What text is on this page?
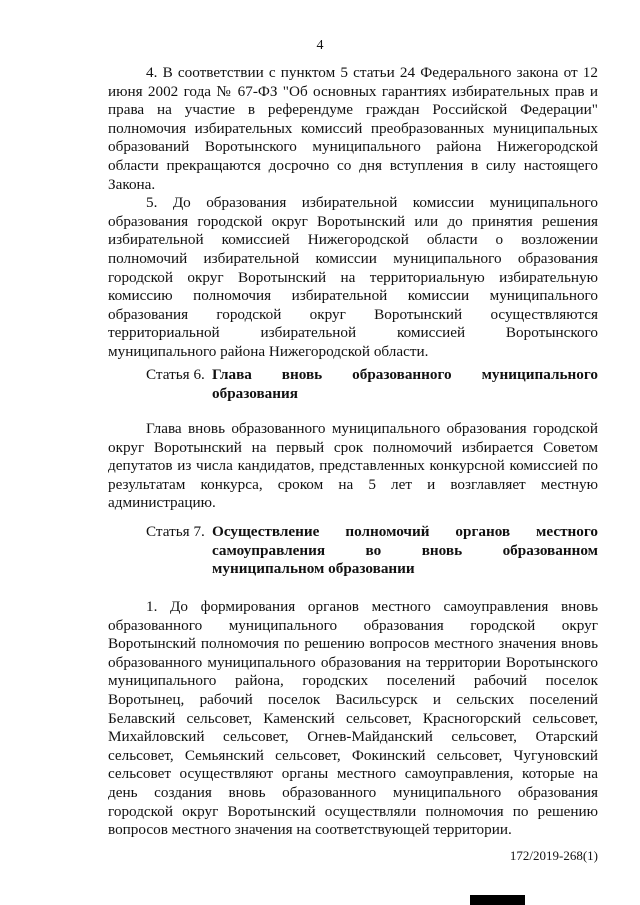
4

4. В соответствии с пунктом 5 статьи 24 Федерального закона от 12 июня 2002 года № 67-ФЗ "Об основных гарантиях избирательных прав и права на участие в референдуме граждан Российской Федерации" полномочия избирательных комиссий преобразованных муниципальных образований Воротынского муниципального района Нижегородской области прекращаются досрочно со дня вступления в силу настоящего Закона.

5. До образования избирательной комиссии муниципального образования городской округ Воротынский или до принятия решения избирательной комиссией Нижегородской области о возложении полномочий избирательной комиссии муниципального образования городской округ Воротынский на территориальную избирательную комиссию полномочия избирательной комиссии муниципального образования городской округ Воротынский осуществляются территориальной избирательной комиссией Воротынского муниципального района Нижегородской области.

Статья 6. Глава вновь образованного муниципального образования

Глава вновь образованного муниципального образования городской округ Воротынский на первый срок полномочий избирается Советом депутатов из числа кандидатов, представленных конкурсной комиссией по результатам конкурса, сроком на 5 лет и возглавляет местную администрацию.

Статья 7. Осуществление полномочий органов местного самоуправления во вновь образованном муниципальном образовании

1. До формирования органов местного самоуправления вновь образованного муниципального образования городской округ Воротынский полномочия по решению вопросов местного значения вновь образованного муниципального образования на территории Воротынского муниципального района, городских поселений рабочий поселок Воротынец, рабочий поселок Васильсурск и сельских поселений Белавский сельсовет, Каменский сельсовет, Красногорский сельсовет, Михайловский сельсовет, Огнев-Майданский сельсовет, Отарский сельсовет, Семьянский сельсовет, Фокинский сельсовет, Чугуновский сельсовет осуществляют органы местного самоуправления, которые на день создания вновь образованного муниципального образования городской округ Воротынский осуществляли полномочия по решению вопросов местного значения на соответствующей территории.

172/2019-268(1)
